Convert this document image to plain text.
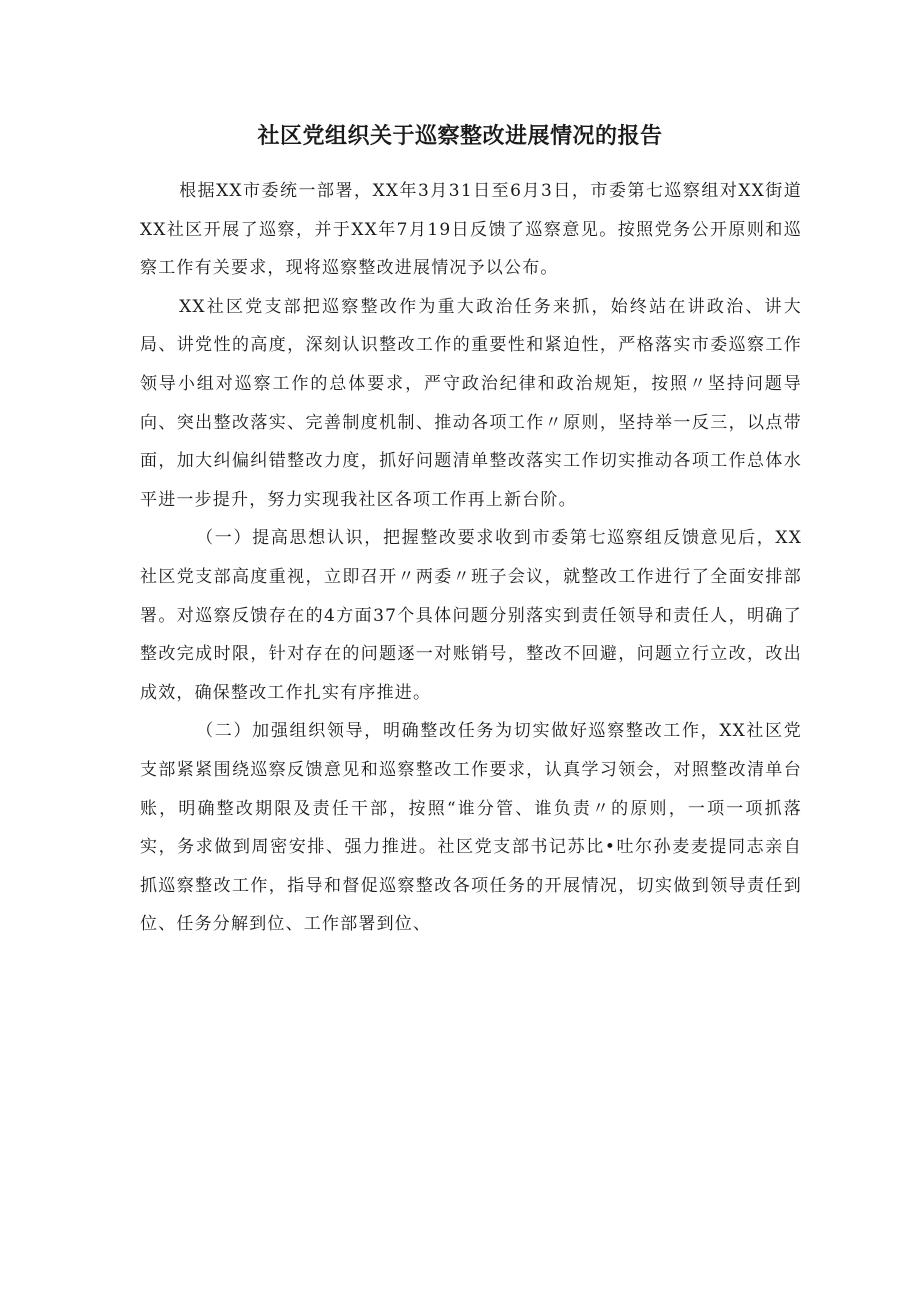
社区党组织关于巡察整改进展情况的报告

根据XX市委统一部署，XX年3月31日至6月3日，市委第七巡察组对XX街道XX社区开展了巡察，并于XX年7月19日反馈了巡察意见。按照党务公开原则和巡察工作有关要求，现将巡察整改进展情况予以公布。

XX社区党支部把巡察整改作为重大政治任务来抓，始终站在讲政治、讲大局、讲党性的高度，深刻认识整改工作的重要性和紧迫性，严格落实市委巡察工作领导小组对巡察工作的总体要求，严守政治纪律和政治规矩，按照〃坚持问题导向、突出整改落实、完善制度机制、推动各项工作〃原则，坚持举一反三，以点带面，加大纠偏纠错整改力度，抓好问题清单整改落实工作切实推动各项工作总体水平进一步提升，努力实现我社区各项工作再上新台阶。

（一）提高思想认识，把握整改要求收到市委第七巡察组反馈意见后，XX社区党支部高度重视，立即召开〃两委〃班子会议，就整改工作进行了全面安排部署。对巡察反馈存在的4方面37个具体问题分别落实到责任领导和责任人，明确了整改完成时限，针对存在的问题逐一对账销号，整改不回避，问题立行立改，改出成效，确保整改工作扎实有序推进。

（二）加强组织领导，明确整改任务为切实做好巡察整改工作，XX社区党支部紧紧围绕巡察反馈意见和巡察整改工作要求，认真学习领会，对照整改清单台账，明确整改期限及责任干部，按照“谁分管、谁负责〃的原则，一项一项抓落实，务求做到周密安排、强力推进。社区党支部书记苏比•吐尔孙麦麦提同志亲自抓巡察整改工作，指导和督促巡察整改各项任务的开展情况，切实做到领导责任到位、任务分解到位、工作部署到位、
